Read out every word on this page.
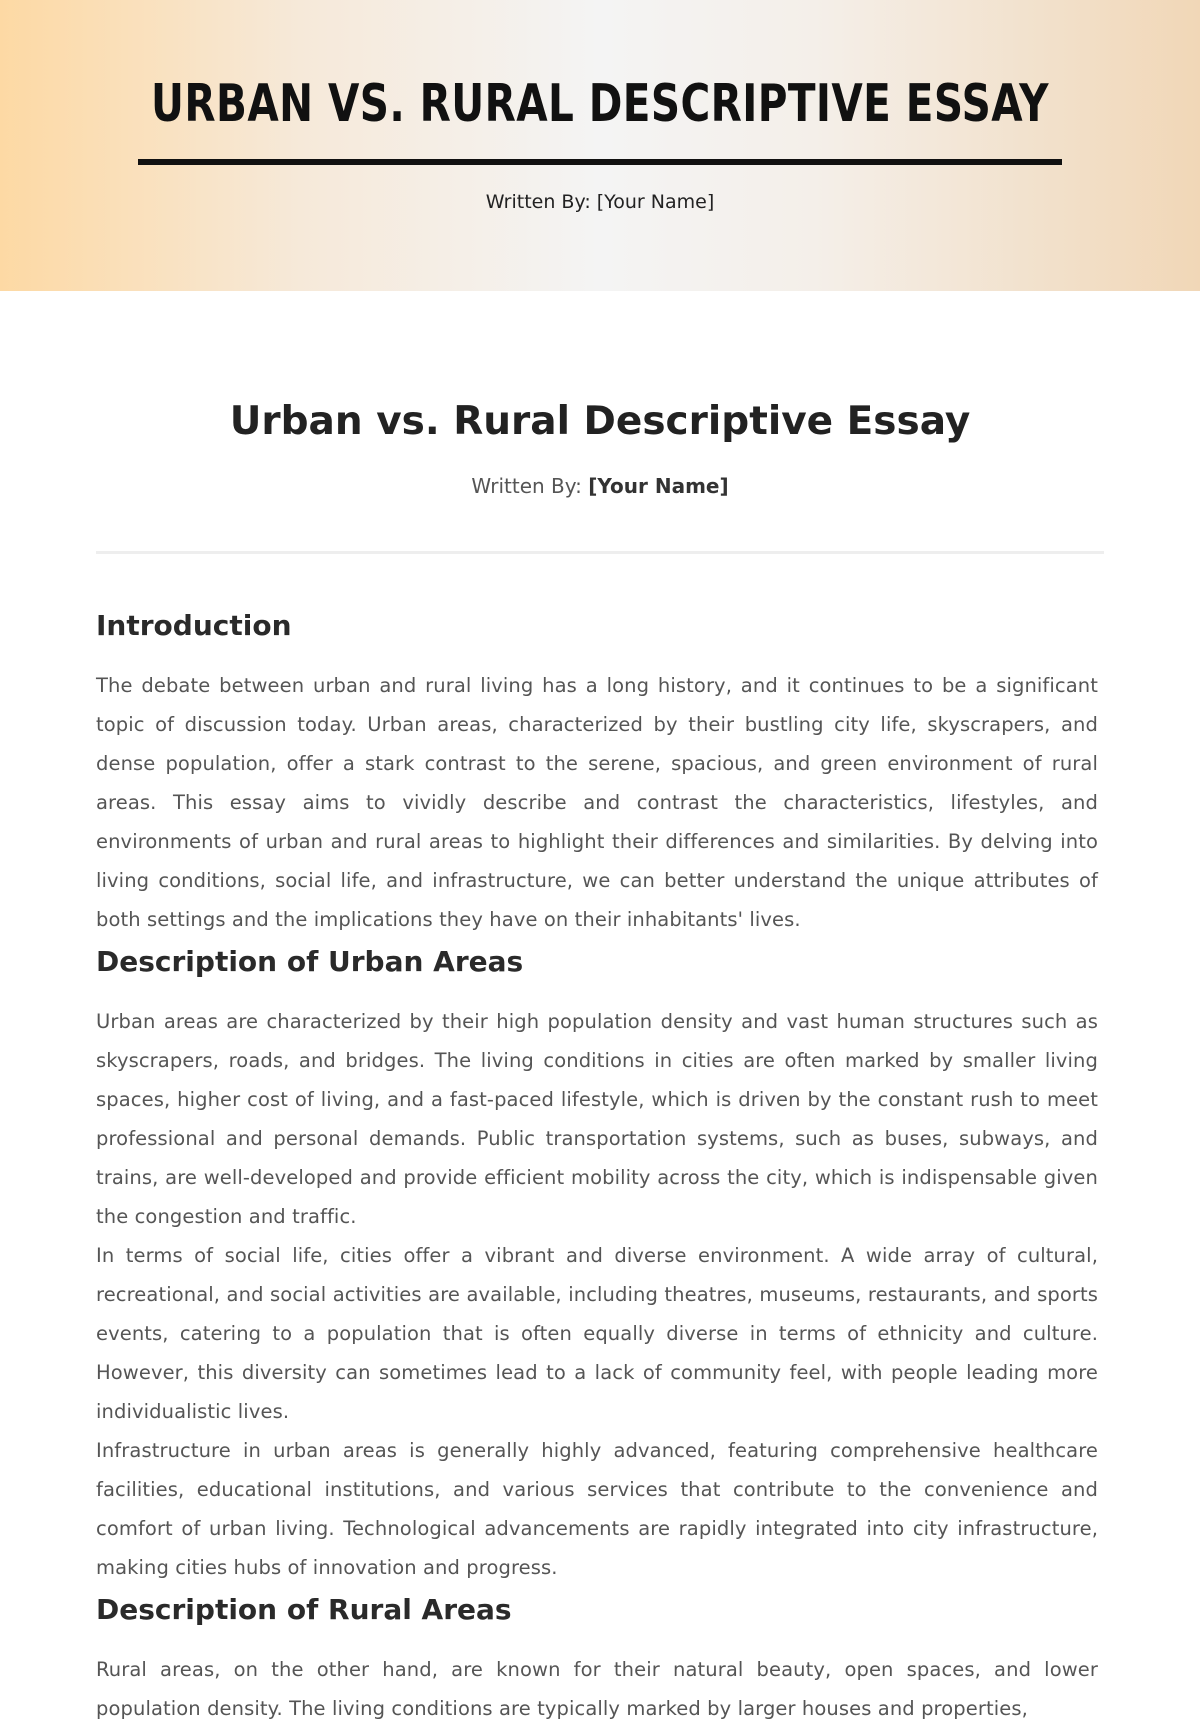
URBAN VS. RURAL DESCRIPTIVE ESSAY
Written By: [Your Name]
Urban vs. Rural Descriptive Essay
Written By: [Your Name]
Introduction

The debate between urban and rural living has a long history, and it continues to be a significant topic of discussion today. Urban areas, characterized by their bustling city life, skyscrapers, and dense population, offer a stark contrast to the serene, spacious, and green environment of rural areas. This essay aims to vividly describe and contrast the characteristics, lifestyles, and environments of urban and rural areas to highlight their differences and similarities. By delving into living conditions, social life, and infrastructure, we can better understand the unique attributes of both settings and the implications they have on their inhabitants' lives.

Description of Urban Areas

Urban areas are characterized by their high population density and vast human structures such as skyscrapers, roads, and bridges. The living conditions in cities are often marked by smaller living spaces, higher cost of living, and a fast-paced lifestyle, which is driven by the constant rush to meet professional and personal demands. Public transportation systems, such as buses, subways, and trains, are well-developed and provide efficient mobility across the city, which is indispensable given the congestion and traffic.

In terms of social life, cities offer a vibrant and diverse environment. A wide array of cultural, recreational, and social activities are available, including theatres, museums, restaurants, and sports events, catering to a population that is often equally diverse in terms of ethnicity and culture. However, this diversity can sometimes lead to a lack of community feel, with people leading more individualistic lives.

Infrastructure in urban areas is generally highly advanced, featuring comprehensive healthcare facilities, educational institutions, and various services that contribute to the convenience and comfort of urban living. Technological advancements are rapidly integrated into city infrastructure, making cities hubs of innovation and progress.

Description of Rural Areas

Rural areas, on the other hand, are known for their natural beauty, open spaces, and lower population density. The living conditions are typically marked by larger houses and properties,
